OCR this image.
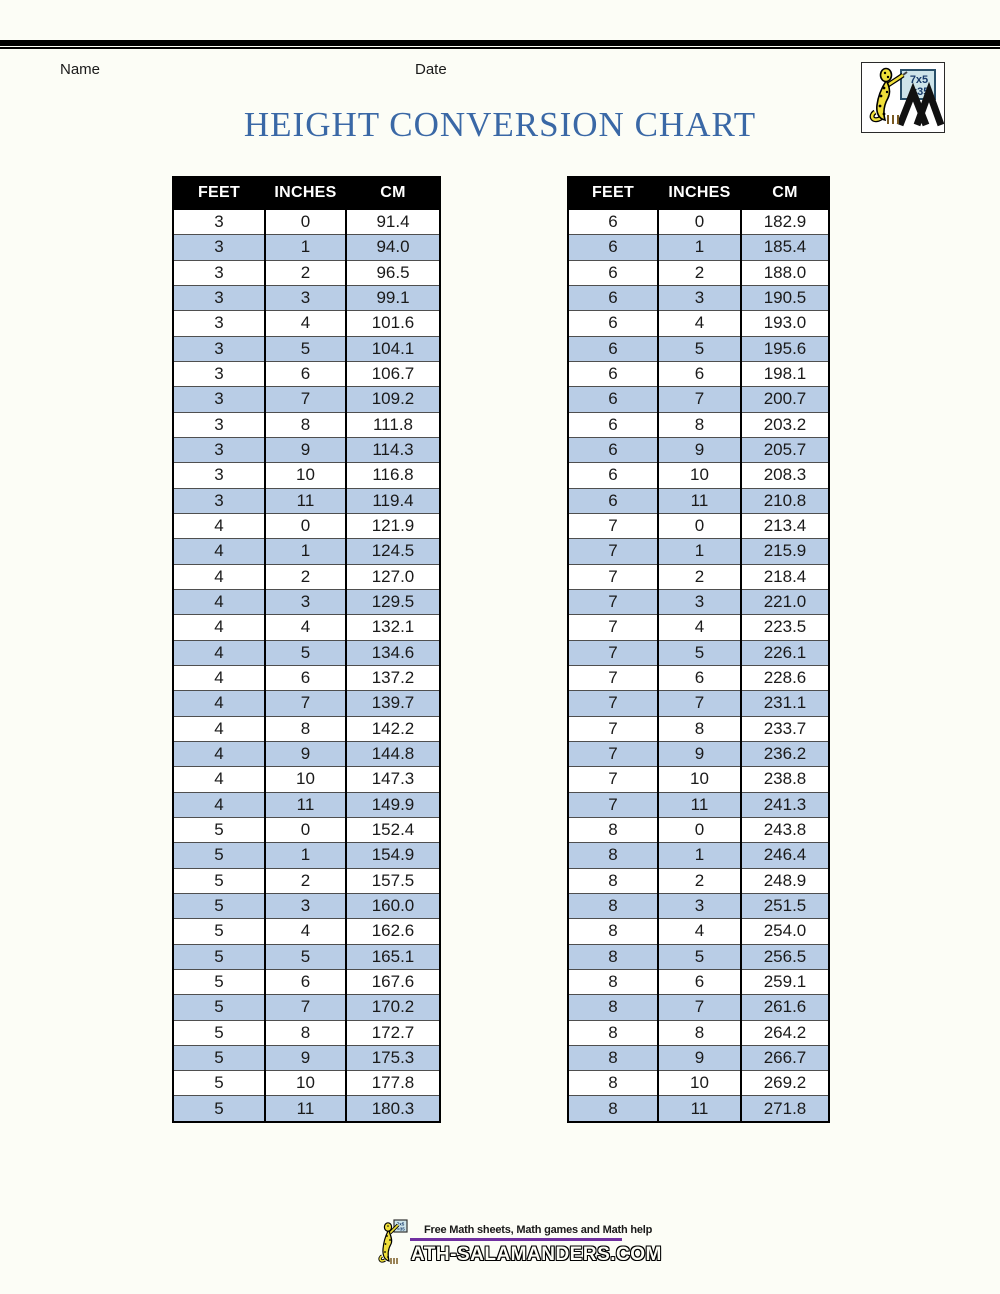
Name	Date
7x5
=35
HEIGHT CONVERSION CHART
FEET	INCHES	CM
3	0	91.4
3	1	94.0
3	2	96.5
3	3	99.1
3	4	101.6
3	5	104.1
3	6	106.7
3	7	109.2
3	8	111.8
3	9	114.3
3	10	116.8
3	11	119.4
4	0	121.9
4	1	124.5
4	2	127.0
4	3	129.5
4	4	132.1
4	5	134.6
4	6	137.2
4	7	139.7
4	8	142.2
4	9	144.8
4	10	147.3
4	11	149.9
5	0	152.4
5	1	154.9
5	2	157.5
5	3	160.0
5	4	162.6
5	5	165.1
5	6	167.6
5	7	170.2
5	8	172.7
5	9	175.3
5	10	177.8
5	11	180.3
FEET	INCHES	CM
6	0	182.9
6	1	185.4
6	2	188.0
6	3	190.5
6	4	193.0
6	5	195.6
6	6	198.1
6	7	200.7
6	8	203.2
6	9	205.7
6	10	208.3
6	11	210.8
7	0	213.4
7	1	215.9
7	2	218.4
7	3	221.0
7	4	223.5
7	5	226.1
7	6	228.6
7	7	231.1
7	8	233.7
7	9	236.2
7	10	238.8
7	11	241.3
8	0	243.8
8	1	246.4
8	2	248.9
8	3	251.5
8	4	254.0
8	5	256.5
8	6	259.1
8	7	261.6
8	8	264.2
8	9	266.7
8	10	269.2
8	11	271.8
7x5
=35	Free Math sheets, Math games and Math help
ATH-SALAMANDERS.COM
